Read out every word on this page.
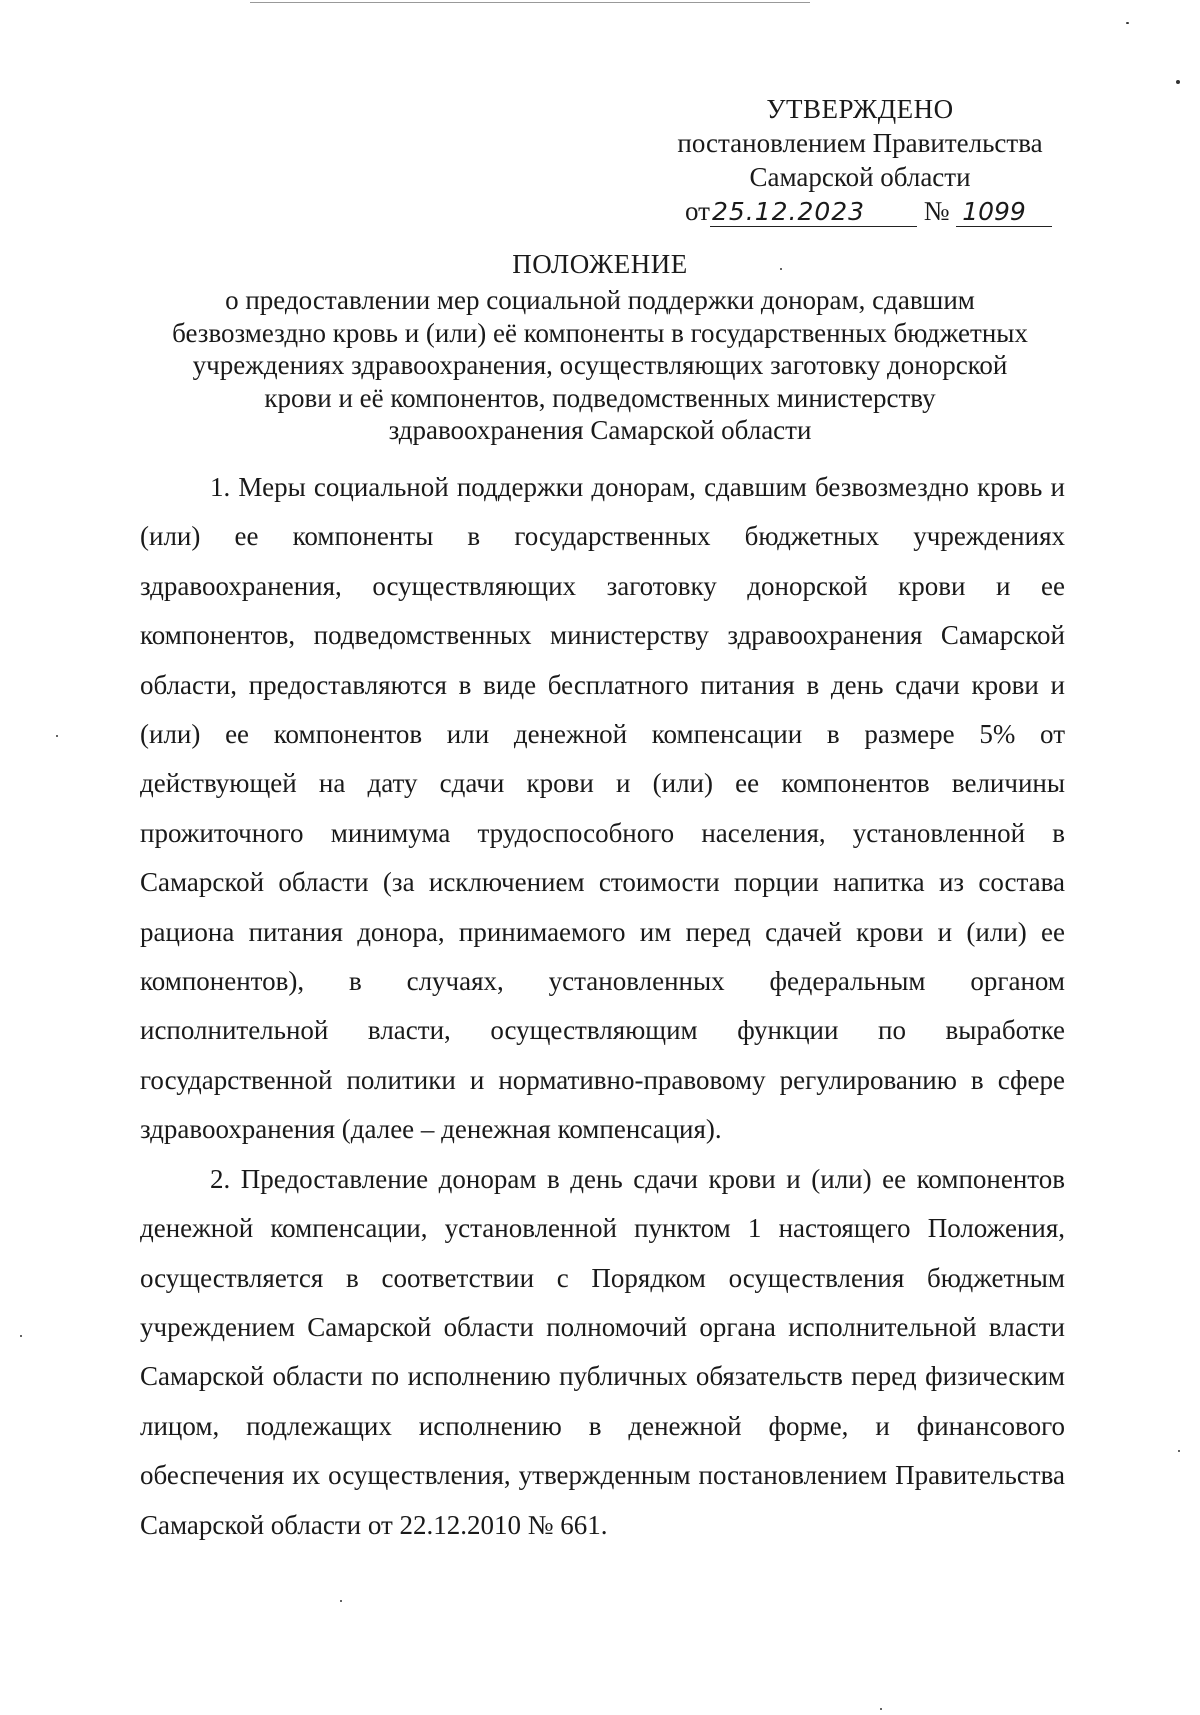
УТВЕРЖДЕНО
постановлением Правительства
Самарской области
от25.12.2023 № 1099
ПОЛОЖЕНИЕ
о предоставлении мер социальной поддержки донорам, сдавшим
безвозмездно кровь и (или) её компоненты в государственных бюджетных
учреждениях здравоохранения, осуществляющих заготовку донорской
крови и её компонентов, подведомственных министерству
здравоохранения Самарской области

1. Меры социальной поддержки донорам, сдавшим безвозмездно кровь и (или) ее компоненты в государственных бюджетных учреждениях здравоохранения, осуществляющих заготовку донорской крови и ее компонентов, подведомственных министерству здравоохранения Самарской области, предоставляются в виде бесплатного питания в день сдачи крови и (или) ее компонентов или денежной компенсации в размере 5% от действующей на дату сдачи крови и (или) ее компонентов величины прожиточного минимума трудоспособного населения, установленной в Самарской области (за исключением стоимости порции напитка из состава рациона питания донора, принимаемого им перед сдачей крови и (или) ее компонентов), в случаях, установленных федеральным органом исполнительной власти, осуществляющим функции по выработке государственной политики и нормативно-правовому регулированию в сфере здравоохранения (далее – денежная компенсация).

2. Предоставление донорам в день сдачи крови и (или) ее компонентов денежной компенсации, установленной пунктом 1 настоящего Положения, осуществляется в соответствии с Порядком осуществления бюджетным учреждением Самарской области полномочий органа исполнительной власти Самарской области по исполнению публичных обязательств перед физическим лицом, подлежащих исполнению в денежной форме, и финансового обеспечения их осуществления, утвержденным постановлением Правительства Самарской области от 22.12.2010 № 661.
